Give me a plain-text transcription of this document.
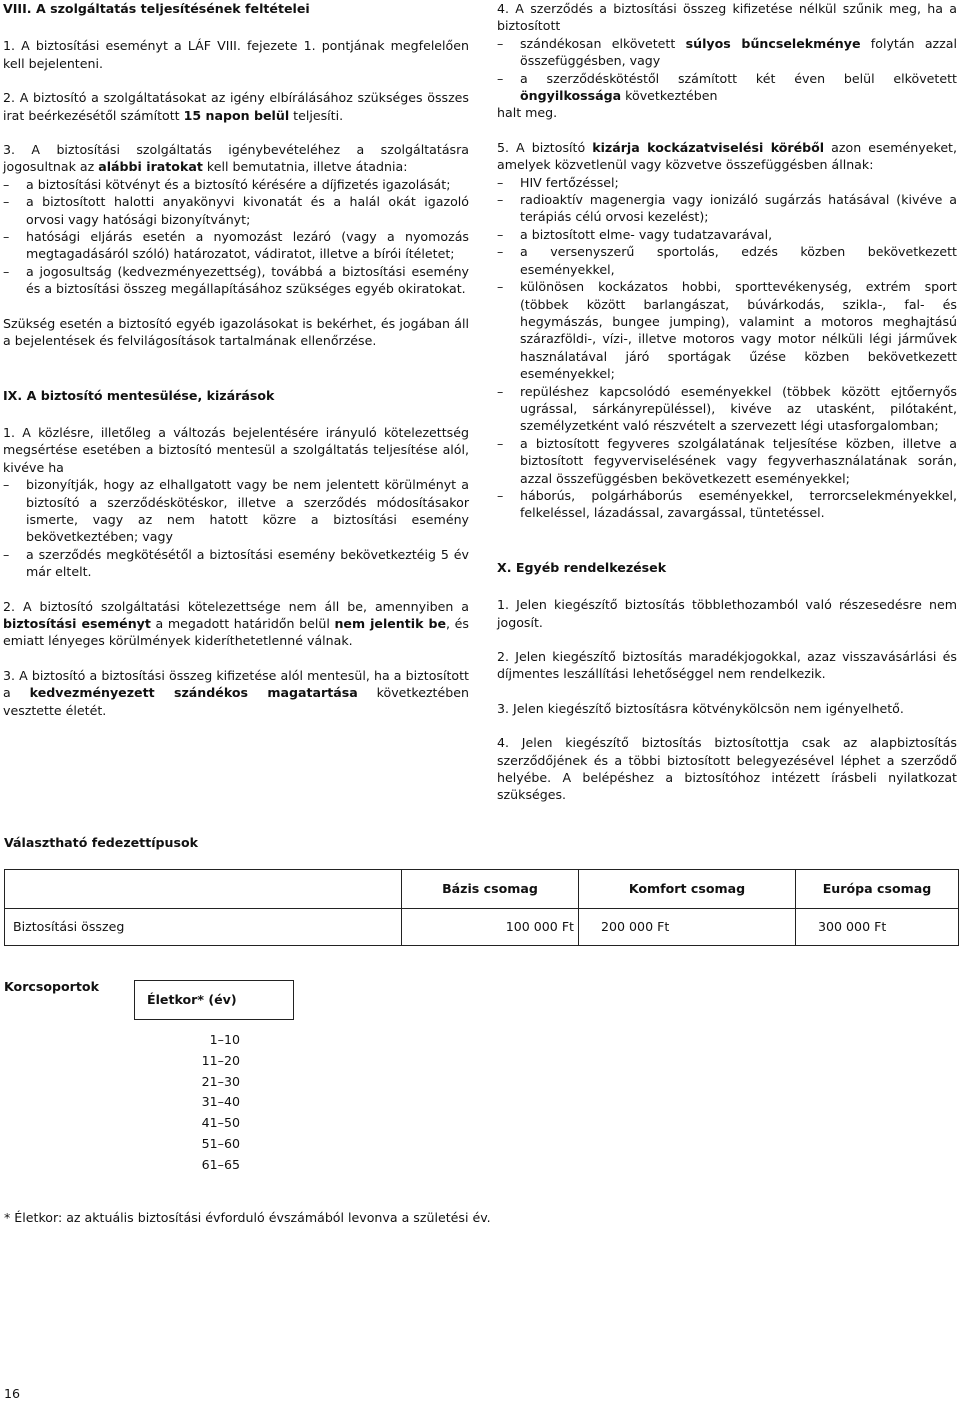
VIII. A szolgáltatás teljesítésének feltételei

1. A biztosítási eseményt a LÁF VIII. fejezete 1. pontjának megfelelően kell bejelenteni.

2. A biztosító a szolgáltatásokat az igény elbírálásához szükséges összes irat beérkezésétől számított 15 napon belül teljesíti.

3. A biztosítási szolgáltatás igénybevételéhez a szolgáltatásra jogosultnak az alábbi iratokat kell bemutatnia, illetve átadnia:

–	a biztosítási kötvényt és a biztosító kérésére a díjfizetés igazolását;
–	a biztosított halotti anyakönyvi kivonatát és a halál okát igazoló orvosi vagy hatósági bizonyítványt;
–	hatósági eljárás esetén a nyomozást lezáró (vagy a nyomozás megtagadásáról szóló) határozatot, vádiratot, illetve a bírói ítéletet;
–	a jogosultság (kedvezményezettség), továbbá a biztosítási esemény és a biztosítási összeg megállapításához szükséges egyéb okiratokat.

Szükség esetén a biztosító egyéb igazolásokat is bekérhet, és jogában áll a bejelentések és felvilágosítások tartalmának ellenőrzése.

IX. A biztosító mentesülése, kizárások

1. A közlésre, illetőleg a változás bejelentésére irányuló kötelezettség megsértése esetében a biztosító mentesül a szolgáltatás teljesítése alól, kivéve ha

–	bizonyítják, hogy az elhallgatott vagy be nem jelentett körülményt a biztosító a szerződéskötéskor, illetve a szerződés módosításakor ismerte, vagy az nem hatott közre a biztosítási esemény bekövetkeztében; vagy
–	a szerződés megkötésétől a biztosítási esemény bekövetkeztéig 5 év már eltelt.

2. A biztosító szolgáltatási kötelezettsége nem áll be, amennyiben a biztosítási eseményt a megadott határidőn belül nem jelentik be, és emiatt lényeges körülmények kideríthetetlenné válnak.

3. A biztosító a biztosítási összeg kifizetése alól mentesül, ha a biztosított a kedvezményezett szándékos magatartása következtében vesztette életét.

4. A szerződés a biztosítási összeg kifizetése nélkül szűnik meg, ha a biztosított

–	szándékosan elkövetett súlyos bűncselekménye folytán azzal összefüggésben, vagy
–	a szerződéskötéstől számított két éven belül elkövetett öngyilkossága következtében

halt meg.

5. A biztosító kizárja kockázatviselési köréből azon eseményeket, amelyek közvetlenül vagy közvetve összefüggésben állnak:

–	HIV fertőzéssel;
–	radioaktív magenergia vagy ionizáló sugárzás hatásával (kivéve a terápiás célú orvosi kezelést);
–	a biztosított elme- vagy tudatzavarával,
–	a versenyszerű sportolás, edzés közben bekövetkezett eseményekkel,
–	különösen kockázatos hobbi, sporttevékenység, extrém sport (többek között barlangászat, búvárkodás, szikla-, fal- és hegymászás, bungee jumping), valamint a motoros meghajtású szárazföldi-, vízi-, illetve motoros vagy motor nélküli légi járművek használatával járó sportágak űzése közben bekövetkezett eseményekkel;
–	repüléshez kapcsolódó eseményekkel (többek között ejtőernyős ugrással, sárkányrepüléssel), kivéve az utasként, pilótaként, személyzetként való részvételt a szervezett légi utasforgalomban;
–	a biztosított fegyveres szolgálatának teljesítése közben, illetve a biztosított fegyverviselésének vagy fegyverhasználatának során, azzal összefüggésben bekövetkezett eseményekkel;
–	háborús, polgárháborús eseményekkel, terrorcselekményekkel, felkeléssel, lázadással, zavargással, tüntetéssel.

X. Egyéb rendelkezések

1. Jelen kiegészítő biztosítás többlethozamból való részesedésre nem jogosít.

2. Jelen kiegészítő biztosítás maradékjogokkal, azaz visszavásárlási és díjmentes leszállítási lehetőséggel nem rendelkezik.

3. Jelen kiegészítő biztosításra kötvénykölcsön nem igényelhető.

4. Jelen kiegészítő biztosítás biztosítottja csak az alapbiztosítás szerződőjének és a többi biztosított belegyezésével léphet a szerződő helyébe. A belépéshez a biztosítóhoz intézett írásbeli nyilatkozat szükséges.

Választható fedezettípusok
	Bázis csomag	Komfort csomag	Európa csomag
Biztosítási összeg	100 000 Ft	200 000 Ft	300 000 Ft
Korcsoportok
Életkor* (év)
1–10
11–20
21–30
31–40
41–50
51–60
61–65
* Életkor: az aktuális biztosítási évforduló évszámából levonva a születési év.
16
